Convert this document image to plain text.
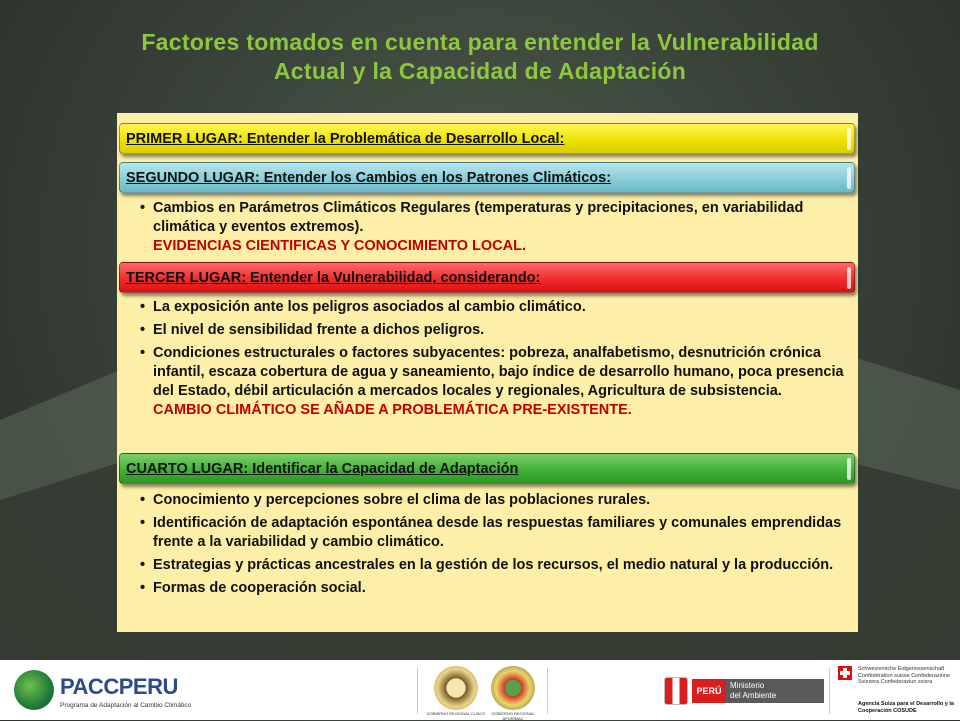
Factores tomados en cuenta para entender la Vulnerabilidad
Actual y la Capacidad de Adaptación
PRIMER LUGAR: Entender la Problemática de Desarrollo Local:
SEGUNDO LUGAR: Entender los Cambios en los Patrones Climáticos:
• Cambios en Parámetros Climáticos Regulares (temperaturas y precipitaciones, en variabilidad climática y eventos extremos).
EVIDENCIAS CIENTIFICAS Y CONOCIMIENTO LOCAL.
TERCER LUGAR: Entender la Vulnerabilidad, considerando:
• La exposición ante los peligros asociados al cambio climático.
• El nivel de sensibilidad frente a dichos peligros.
• Condiciones estructurales o factores subyacentes: pobreza, analfabetismo, desnutrición crónica infantil, escaza cobertura de agua y saneamiento, bajo índice de desarrollo humano, poca presencia del Estado, débil articulación a mercados locales y regionales, Agricultura de subsistencia.
CAMBIO CLIMÁTICO SE AÑADE A PROBLEMÁTICA PRE-EXISTENTE.
CUARTO LUGAR: Identificar la Capacidad de Adaptación
• Conocimiento y percepciones sobre el clima de las poblaciones rurales.
• Identificación de adaptación espontánea desde las respuestas familiares y comunales emprendidas frente a la variabilidad y cambio climático.
• Estrategias y prácticas ancestrales en la gestión de los recursos, el medio natural y la producción.
• Formas de cooperación social.
PACCPERU
Programa de Adaptación al Cambio Climático
GOBIERNO REGIONAL CUSCO	GOBIERNO REGIONAL APURIMAC
PERÚ
Ministerio
del Ambiente
Schweizerische Eidgenossenschaft Confédération suisse Confederazione Svizzera Confederaziun svizra
Agencia Suiza para el Desarrollo y la Cooperación COSUDE
